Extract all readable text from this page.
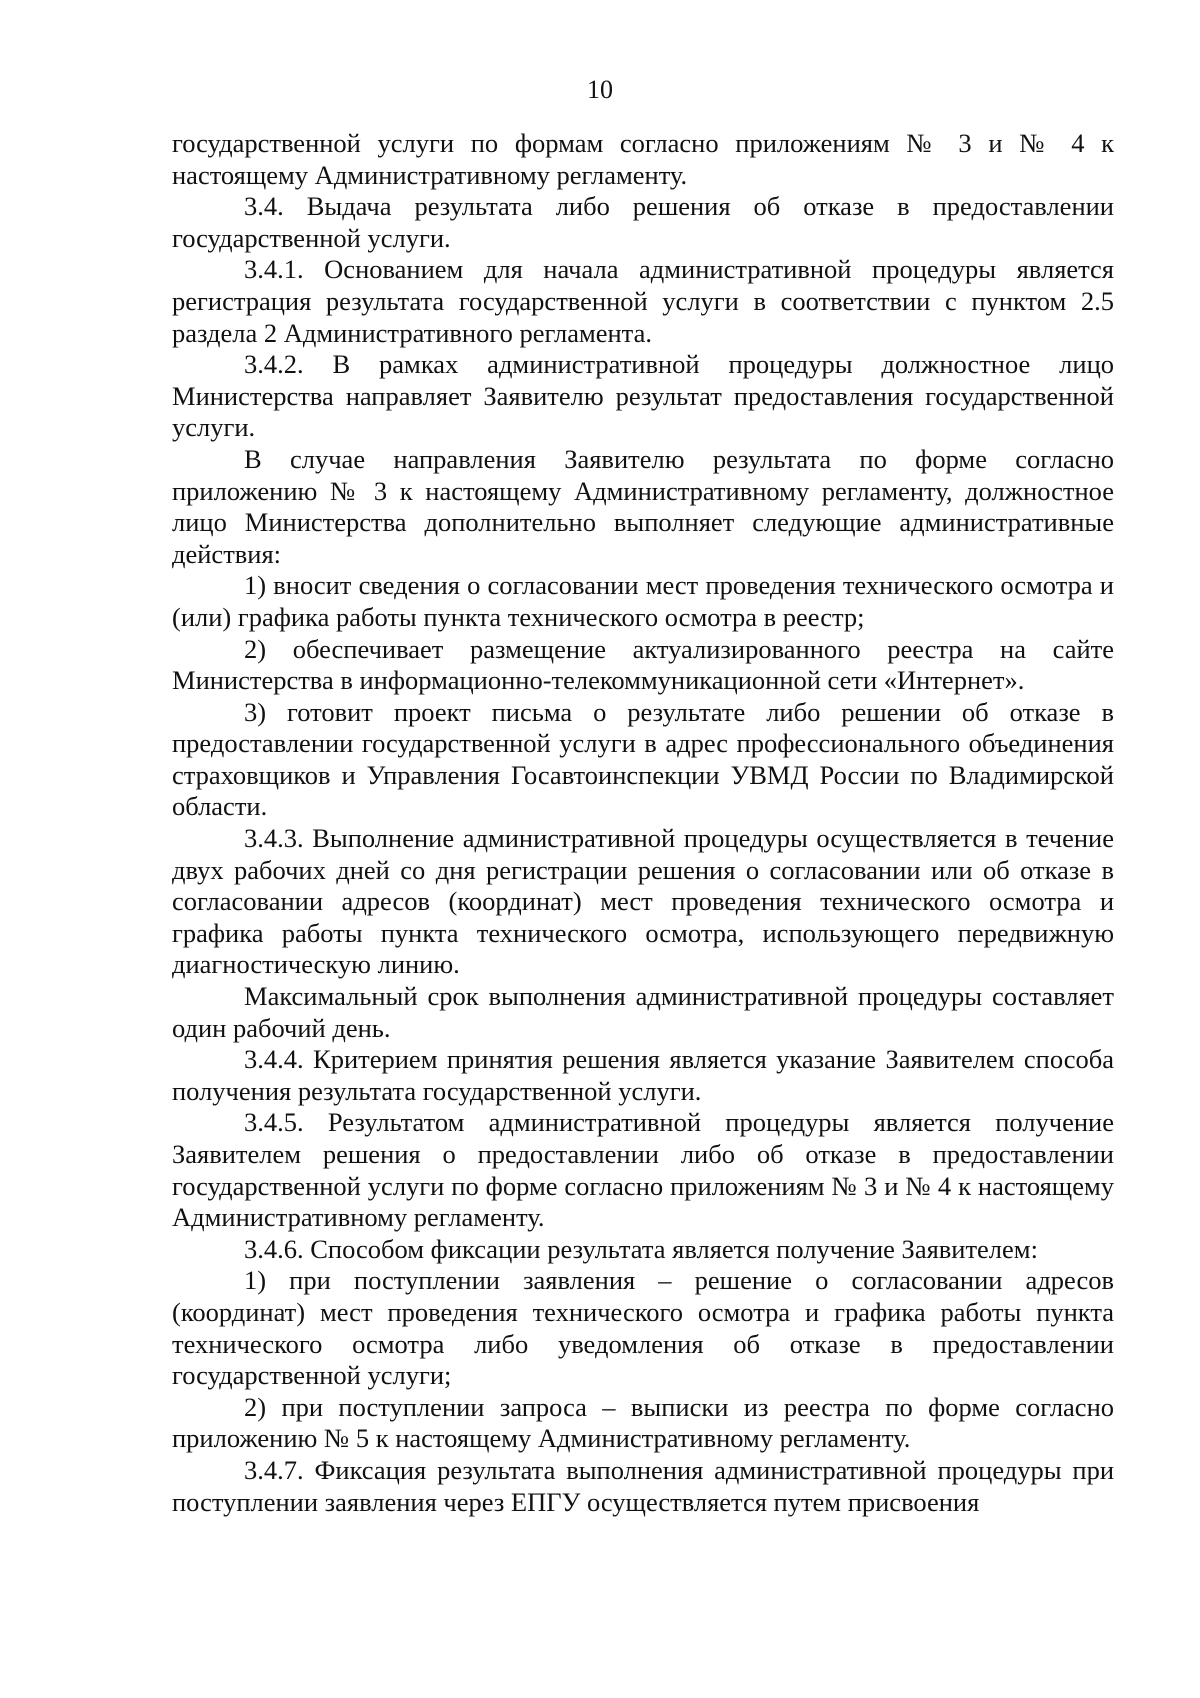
10

государственной услуги по формам согласно приложениям № 3 и № 4 к настоящему Административному регламенту.

3.4. Выдача результата либо решения об отказе в предоставлении государственной услуги.

3.4.1. Основанием для начала административной процедуры является регистрация результата государственной услуги в соответствии с пунктом 2.5 раздела 2 Административного регламента.

3.4.2. В рамках административной процедуры должностное лицо Министерства направляет Заявителю результат предоставления государственной услуги.

В случае направления Заявителю результата по форме согласно приложению № 3 к настоящему Административному регламенту, должностное лицо Министерства дополнительно выполняет следующие административные действия:

1) вносит сведения о согласовании мест проведения технического осмотра и (или) графика работы пункта технического осмотра в реестр;

2) обеспечивает размещение актуализированного реестра на сайте Министерства в информационно-телекоммуникационной сети «Интернет».

3) готовит проект письма о результате либо решении об отказе в предоставлении государственной услуги в адрес профессионального объединения страховщиков и Управления Госавтоинспекции УВМД России по Владимирской области.

3.4.3. Выполнение административной процедуры осуществляется в течение двух рабочих дней со дня регистрации решения о согласовании или об отказе в согласовании адресов (координат) мест проведения технического осмотра и графика работы пункта технического осмотра, использующего передвижную диагностическую линию.

Максимальный срок выполнения административной процедуры составляет один рабочий день.

3.4.4. Критерием принятия решения является указание Заявителем способа получения результата государственной услуги.

3.4.5. Результатом административной процедуры является получение Заявителем решения о предоставлении либо об отказе в предоставлении государственной услуги по форме согласно приложениям № 3 и № 4 к настоящему Административному регламенту.

3.4.6. Способом фиксации результата является получение Заявителем:

1) при поступлении заявления – решение о согласовании адресов (координат) мест проведения технического осмотра и графика работы пункта технического осмотра либо уведомления об отказе в предоставлении государственной услуги;

2) при поступлении запроса – выписки из реестра по форме согласно приложению № 5 к настоящему Административному регламенту.

3.4.7. Фиксация результата выполнения административной процедуры при поступлении заявления через ЕПГУ осуществляется путем присвоения
